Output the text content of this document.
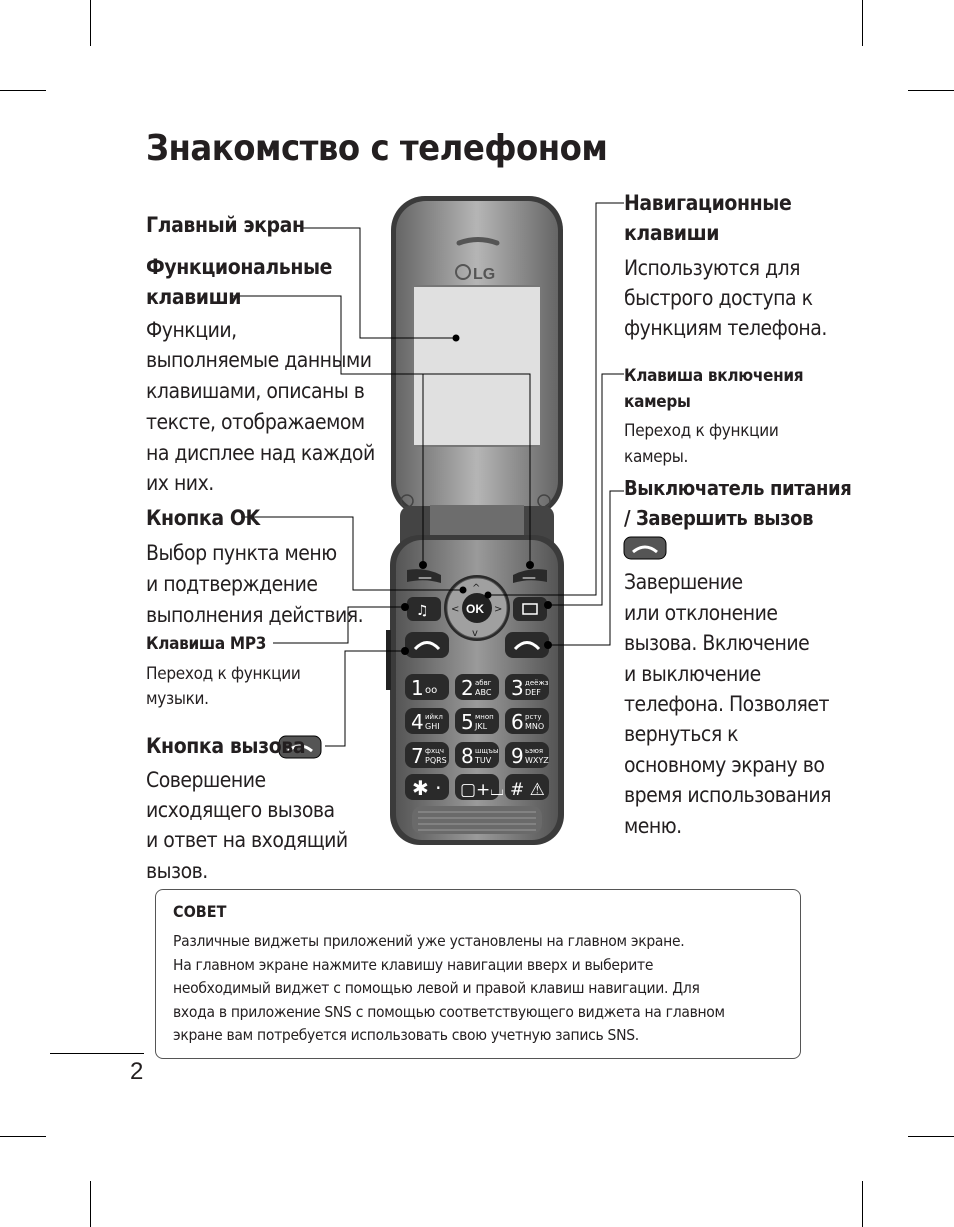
Знакомство с телефоном
LG
—	—
OK
^
v
<	>
♫
1 oo 2 абвг
ABC 3 деёжз
DEF
4 ийкл
GHI 5 мноп
JKL 6 рсту
MNO
7 фхцч
PQRS 8 шщъы
TUV 9 ьэюя
WXYZ
✱ · ▢+⌴ # ⚠
Главный экран
Функциональные
клавиши
Функции,
выполняемые данными
клавишами, описаны в
тексте, отображаемом
на дисплее над каждой
их них.
Кнопка OK
Выбор пункта меню
и подтверждение
выполнения действия.
Клавиша MP3
Переход к функции
музыки.
Кнопка вызова
Совершение
исходящего вызова
и ответ на входящий
вызов.
Навигационные
клавиши
Используются для
быстрого доступа к
функциям телефона.
Клавиша включения
камеры
Переход к функции
камеры.
Выключатель питания
/ Завершить вызов
Завершение
или отклонение
вызова. Включение
и выключение
телефона. Позволяет
вернуться к
основному экрану во
время использования
меню.
СОВЕТ
Различные виджеты приложений уже установлены на главном экране.
На главном экране нажмите клавишу навигации вверх и выберите
необходимый виджет с помощью левой и правой клавиш навигации. Для
входа в приложение SNS с помощью соответствующего виджета на главном
экране вам потребуется использовать свою учетную запись SNS.
2
